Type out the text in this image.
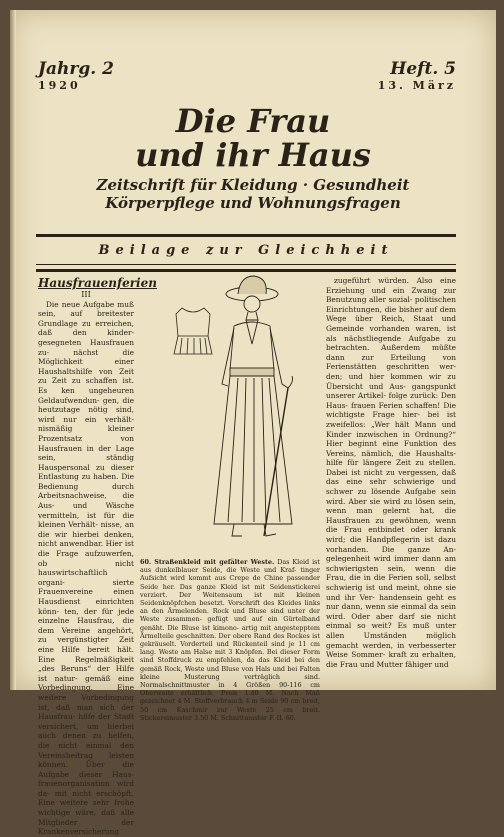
Jahrg. 2
1920
Heft. 5
13. März
Die Frau
und ihr Haus
Zeitschrift für Kleidung · Gesundheit
Körperpflege und Wohnungsfragen
Beilage zur Gleichheit

Hausfrauenferien

III

Die neue Aufgabe muß sein, auf breitester Grundlage zu erreichen, daß den kinder- gesegneten Hausfrauen zu- nächst die Möglichkeit einer Haushaltshilfe von Zeit zu Zeit zu schaffen ist. Es ken ungeheuren Geldaufwendun- gen, die heutzutage nötig sind, wird nur ein verhält- nismäßig kleiner Prozentsatz von Hausfrauen in der Lage sein, ständig Hauspersonal zu dieser Entlastung zu haben. Die Bedienung durch Arbeitsnachweise, die Aus- und Wäsche vermitteln, ist für die kleinen Verhält- nisse, an die wir hierbei denken, nicht anwendbar. Hier ist die Frage aufzuwerfen, ob nicht hauswirtschaftlich organi- sierte Frauenvereine einen Hausdienst einrichten könn- ten, der für jede einzelne Hausfrau, die dem Vereine angehört, zu vergünstigter Zeit eine Hilfe bereit hält. Eine Regelmäßigkeit „des Beruns“ der Hilfe ist natur- gemäß eine Vorbedingung. Eine weitere Vorbedingung ist, daß man sich der Hausfrau- hilfe der Stadt versichert, um hierbei auch denen zu helfen, die nicht einmal den Vereinsbeitrag leisten können. Über die Aufgabe dieser Haus- frauenorganisation wird da- mit nicht erschöpft. Eine weitere sehr frohe wichtige wäre, daß alle Mitglieder der Krankenversicherung

60. Straßenkleid mit gefälter Weste. Das Kleid ist aus dunkelblauer Seide, die Weste und Kraf- tinger Aufsicht wird kommt aus Crepe de Chine passender Seide her. Das ganze Kleid ist mit Seidenstickerei verziert. Der Weitensaum ist mit kleinen Seidenknöpfchen besetzt. Vorschrift des Kleides links an den Ärmelenden. Rock und Bluse sind unter der Weste zusammen- gefügt und auf ein Gürtelband genäht. Die Bluse ist kimono- artig mit angestepptem Ärmelteile geschnitten. Der obere Rand des Rockes ist gekräuselt. Vorderteil und Rückenteil sind je 11 cm lang. Weste am Halse mit 3 Knöpfen. Bei dieser Form sind Stoffdruck zu empfehlen, da das Kleid bei den gemäß Rock, Weste und Bluse von Hals und bei Falten kleine Musterung verträglich sind. Normalschnittmuster in 4 Größen 90-116 cm Oberweite erhältlich. Preis 1.40 M. Nach Maß gezeichnet 4 M. Stoffverbrauch 4 m Seide 90 cm breit, 50 cm Kaschmir zur Weste 25 cm breit. Stickereimuster 3.50 M. Schnittmuster F. II. 60.

zugeführt würden. Also eine Erziehung und ein Zwang zur Benutzung aller sozial- politischen Einrichtungen, die bisher auf dem Wege über Reich, Staat und Gemeinde vorhanden waren, ist als nächstliegende Aufgabe zu betrachten. Außerdem müßte dann zur Erteilung von Ferienstätten geschritten wer- den; und hier kommen wir zu Übersicht und Aus- gangspunkt unserer Artikel- folge zurück: Den Haus- frauen Ferien schaffen! Die wichtigste Frage hier- bei ist zweifellos: „Wer hält Mann und Kinder inzwischen in Ordnung?“ Hier beginnt eine Funktion des Vereins, nämlich, die Haushalts- hilfe für längere Zeit zu stellen. Dabei ist nicht zu vergessen, daß das eine sehr schwierige und schwer zu lösende Aufgabe sein wird. Aber sie wird zu lösen sein, wenn man gelernt hat, die Hausfrauen zu gewöhnen, wenn die Frau entbindet oder krank wird; die Handpflegerin ist dazu vorhanden. Die ganze An- gelegenheit wird immer dann am schwierigsten sein, wenn die Frau, die in die Ferien soll, selbst schwierig ist und meint, ohne sie und ihr Ver- handensein geht es nur dann, wenn sie einmal da sein wird. Oder aber darf sie nicht einmal so weit? Es muß unter allen Umständen möglich gemacht werden, in verbesserter Weise Sommer- kraft zu erhalten, die Frau und Mutter fähiger und
